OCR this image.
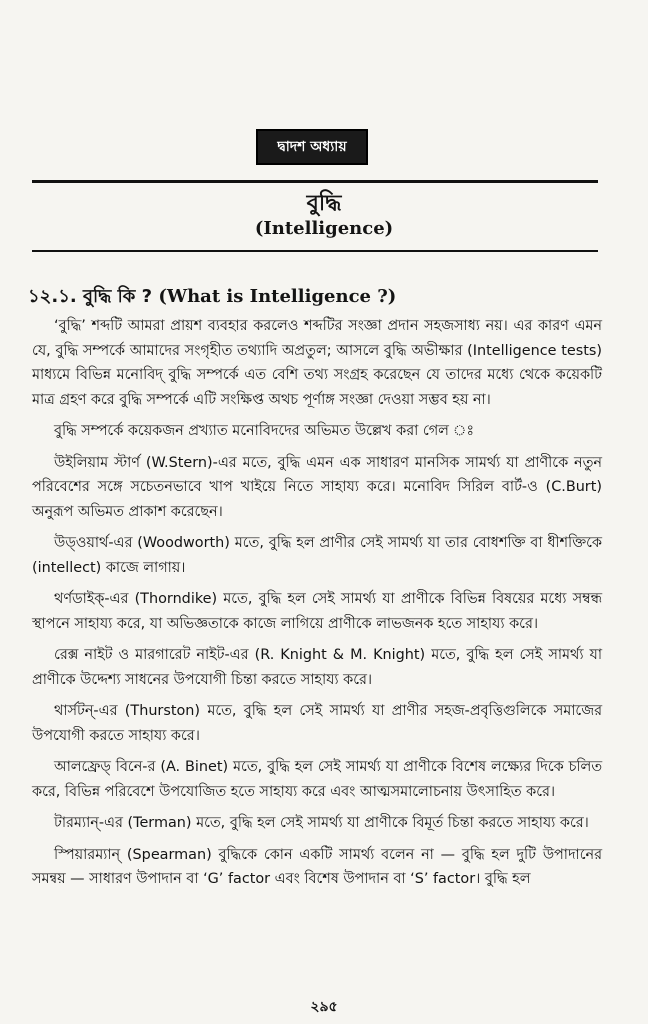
দ্বাদশ অধ্যায়
বুদ্ধি
(Intelligence)
১২.১. বুদ্ধি কি ? (What is Intelligence ?)

‘বুদ্ধি’ শব্দটি আমরা প্রায়শ ব্যবহার করলেও শব্দটির সংজ্ঞা প্রদান সহজসাধ্য নয়। এর কারণ এমন যে, বুদ্ধি সম্পর্কে আমাদের সংগৃহীত তথ্যাদি অপ্রতুল; আসলে বুদ্ধি অভীক্ষার (Intelligence tests) মাধ্যমে বিভিন্ন মনোবিদ্ বুদ্ধি সম্পর্কে এত বেশি তথ্য সংগ্রহ করেছেন যে তাদের মধ্যে থেকে কয়েকটি মাত্র গ্রহণ করে বুদ্ধি সম্পর্কে এটি সংক্ষিপ্ত অথচ পূর্ণাঙ্গ সংজ্ঞা দেওয়া সম্ভব হয় না।

বুদ্ধি সম্পর্কে কয়েকজন প্রখ্যাত মনোবিদদের অভিমত উল্লেখ করা গেল ঃ

উইলিয়াম স্টার্ণ (W.Stern)-এর মতে, বুদ্ধি এমন এক সাধারণ মানসিক সামর্থ্য যা প্রাণীকে নতুন পরিবেশের সঙ্গে সচেতনভাবে খাপ খাইয়ে নিতে সাহায্য করে। মনোবিদ সিরিল বার্ট-ও (C.Burt) অনুরূপ অভিমত প্রাকাশ করেছেন।

উড্‌ওয়ার্থ-এর (Woodworth) মতে, বুদ্ধি হল প্রাণীর সেই সামর্থ্য যা তার বোধশক্তি বা ধীশক্তিকে (intellect) কাজে লাগায়।

থর্ণডাইক্-এর (Thorndike) মতে, বুদ্ধি হল সেই সামর্থ্য যা প্রাণীকে বিভিন্ন বিষয়ের মধ্যে সম্বন্ধ স্থাপনে সাহায্য করে, যা অভিজ্ঞতাকে কাজে লাগিয়ে প্রাণীকে লাভজনক হতে সাহায্য করে।

রেক্স নাইট ও মারগারেট নাইট-এর (R. Knight & M. Knight) মতে, বুদ্ধি হল সেই সামর্থ্য যা প্রাণীকে উদ্দেশ্য সাধনের উপযোগী চিন্তা করতে সাহায্য করে।

থার্সটন্-এর (Thurston) মতে, বুদ্ধি হল সেই সামর্থ্য যা প্রাণীর সহজ-প্রবৃত্তিগুলিকে সমাজের উপযোগী করতে সাহায্য করে।

আলফ্রেড্ বিনে-র (A. Binet) মতে, বুদ্ধি হল সেই সামর্থ্য যা প্রাণীকে বিশেষ লক্ষ্যের দিকে চলিত করে, বিভিন্ন পরিবেশে উপযোজিত হতে সাহায্য করে এবং আত্মসমালোচনায় উৎসাহিত করে।

টারম্যান্-এর (Terman) মতে, বুদ্ধি হল সেই সামর্থ্য যা প্রাণীকে বিমূর্ত চিন্তা করতে সাহায্য করে।

স্পিয়ারম্যান্ (Spearman) বুদ্ধিকে কোন একটি সামর্থ্য বলেন না — বুদ্ধি হল দুটি উপাদানের সমন্বয় — সাধারণ উপাদান বা ‘G’ factor এবং বিশেষ উপাদান বা ‘S’ factor। বুদ্ধি হল

২৯৫
